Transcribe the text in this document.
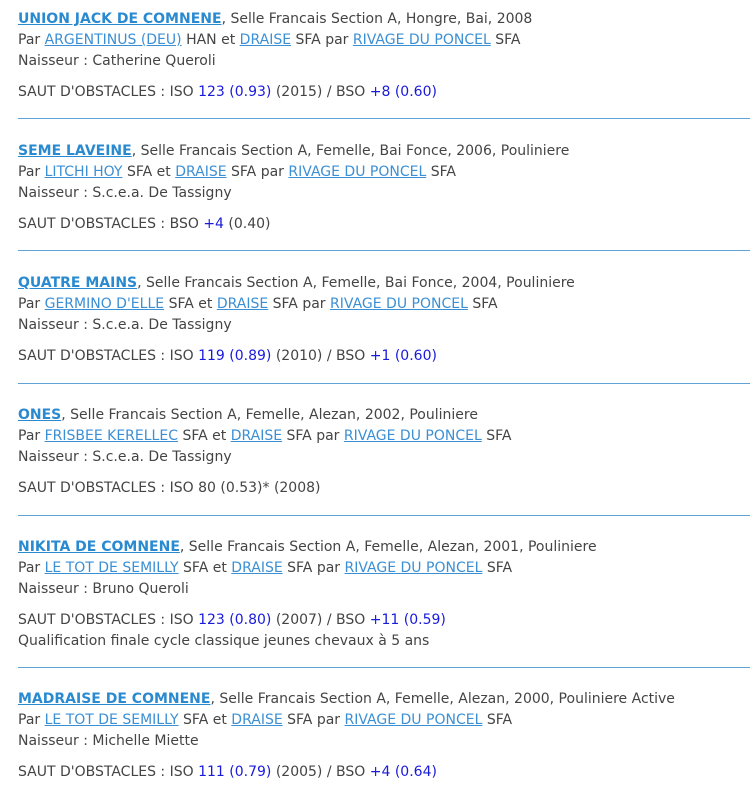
UNION JACK DE COMNENE, Selle Francais Section A, Hongre, Bai, 2008
Par ARGENTINUS (DEU) HAN et DRAISE SFA par RIVAGE DU PONCEL SFA
Naisseur : Catherine Queroli
SAUT D'OBSTACLES : ISO 123 (0.93) (2015) / BSO +8 (0.60)
SEME LAVEINE, Selle Francais Section A, Femelle, Bai Fonce, 2006, Pouliniere
Par LITCHI HOY SFA et DRAISE SFA par RIVAGE DU PONCEL SFA
Naisseur : S.c.e.a. De Tassigny
SAUT D'OBSTACLES : BSO +4 (0.40)
QUATRE MAINS, Selle Francais Section A, Femelle, Bai Fonce, 2004, Pouliniere
Par GERMINO D'ELLE SFA et DRAISE SFA par RIVAGE DU PONCEL SFA
Naisseur : S.c.e.a. De Tassigny
SAUT D'OBSTACLES : ISO 119 (0.89) (2010) / BSO +1 (0.60)
ONES, Selle Francais Section A, Femelle, Alezan, 2002, Pouliniere
Par FRISBEE KERELLEC SFA et DRAISE SFA par RIVAGE DU PONCEL SFA
Naisseur : S.c.e.a. De Tassigny
SAUT D'OBSTACLES : ISO 80 (0.53)* (2008)
NIKITA DE COMNENE, Selle Francais Section A, Femelle, Alezan, 2001, Pouliniere
Par LE TOT DE SEMILLY SFA et DRAISE SFA par RIVAGE DU PONCEL SFA
Naisseur : Bruno Queroli
SAUT D'OBSTACLES : ISO 123 (0.80) (2007) / BSO +11 (0.59)
Qualification finale cycle classique jeunes chevaux à 5 ans
MADRAISE DE COMNENE, Selle Francais Section A, Femelle, Alezan, 2000, Pouliniere Active
Par LE TOT DE SEMILLY SFA et DRAISE SFA par RIVAGE DU PONCEL SFA
Naisseur : Michelle Miette
SAUT D'OBSTACLES : ISO 111 (0.79) (2005) / BSO +4 (0.64)
